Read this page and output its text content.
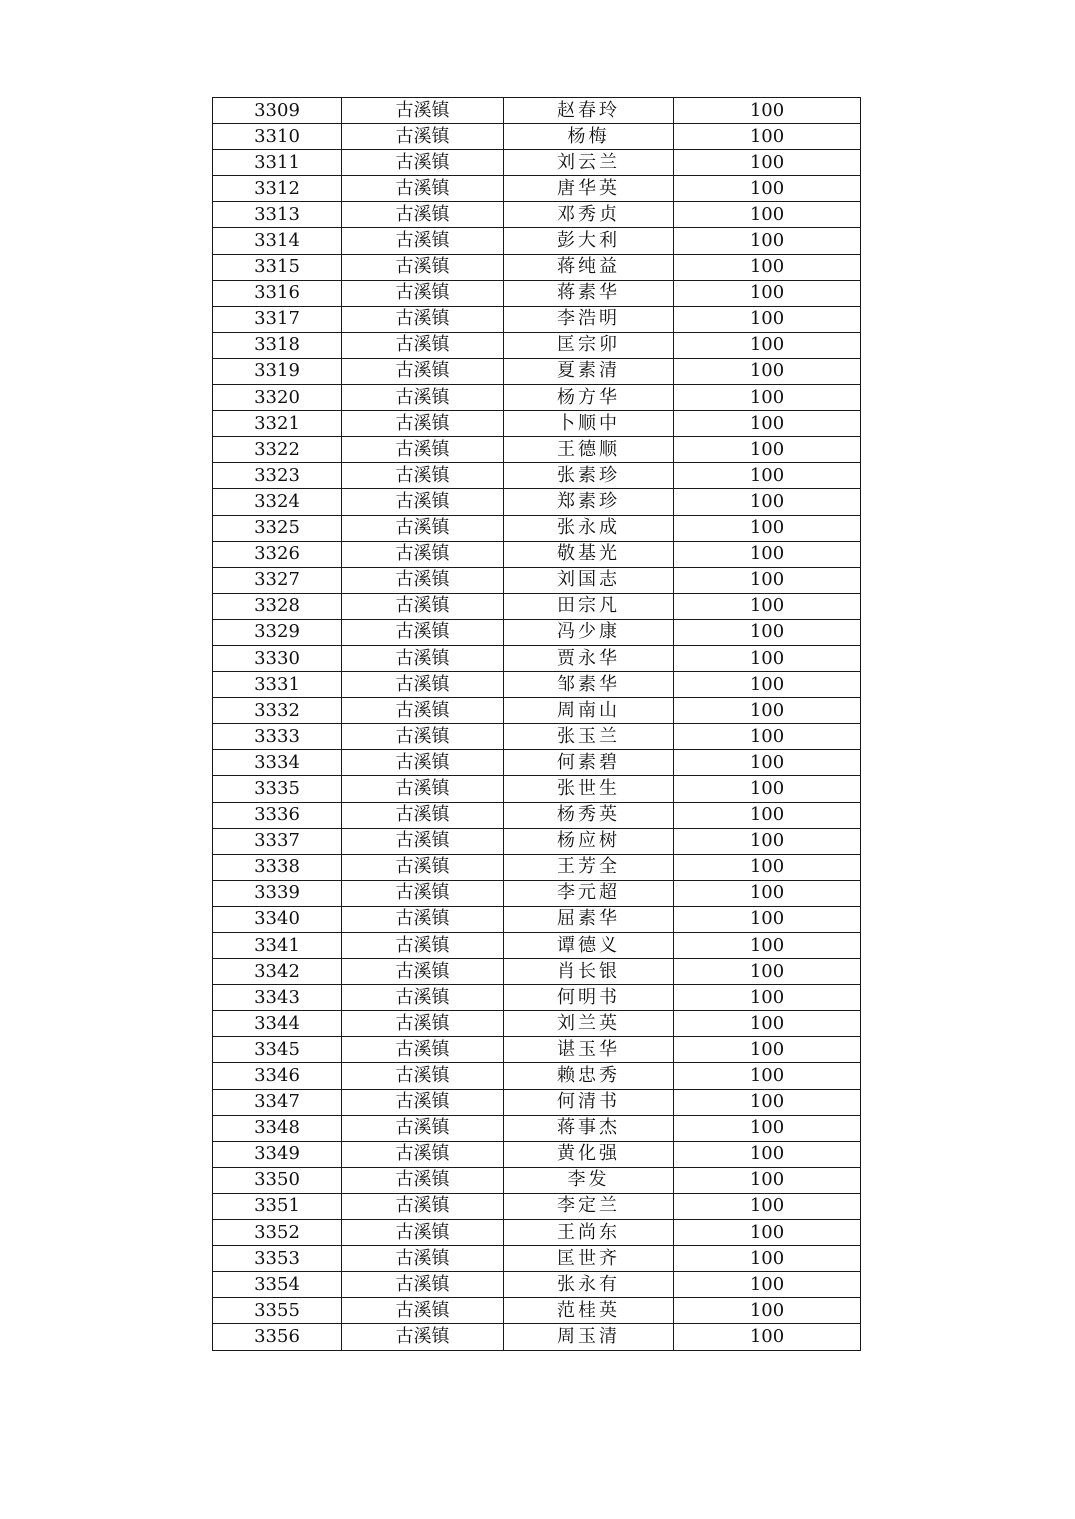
3309	古溪镇	赵春玲	100
3310	古溪镇	杨梅	100
3311	古溪镇	刘云兰	100
3312	古溪镇	唐华英	100
3313	古溪镇	邓秀贞	100
3314	古溪镇	彭大利	100
3315	古溪镇	蒋纯益	100
3316	古溪镇	蒋素华	100
3317	古溪镇	李浩明	100
3318	古溪镇	匡宗卯	100
3319	古溪镇	夏素清	100
3320	古溪镇	杨方华	100
3321	古溪镇	卜顺中	100
3322	古溪镇	王德顺	100
3323	古溪镇	张素珍	100
3324	古溪镇	郑素珍	100
3325	古溪镇	张永成	100
3326	古溪镇	敬基光	100
3327	古溪镇	刘国志	100
3328	古溪镇	田宗凡	100
3329	古溪镇	冯少康	100
3330	古溪镇	贾永华	100
3331	古溪镇	邹素华	100
3332	古溪镇	周南山	100
3333	古溪镇	张玉兰	100
3334	古溪镇	何素碧	100
3335	古溪镇	张世生	100
3336	古溪镇	杨秀英	100
3337	古溪镇	杨应树	100
3338	古溪镇	王芳全	100
3339	古溪镇	李元超	100
3340	古溪镇	屈素华	100
3341	古溪镇	谭德义	100
3342	古溪镇	肖长银	100
3343	古溪镇	何明书	100
3344	古溪镇	刘兰英	100
3345	古溪镇	谌玉华	100
3346	古溪镇	赖忠秀	100
3347	古溪镇	何清书	100
3348	古溪镇	蒋事杰	100
3349	古溪镇	黄化强	100
3350	古溪镇	李发	100
3351	古溪镇	李定兰	100
3352	古溪镇	王尚东	100
3353	古溪镇	匡世齐	100
3354	古溪镇	张永有	100
3355	古溪镇	范桂英	100
3356	古溪镇	周玉清	100
